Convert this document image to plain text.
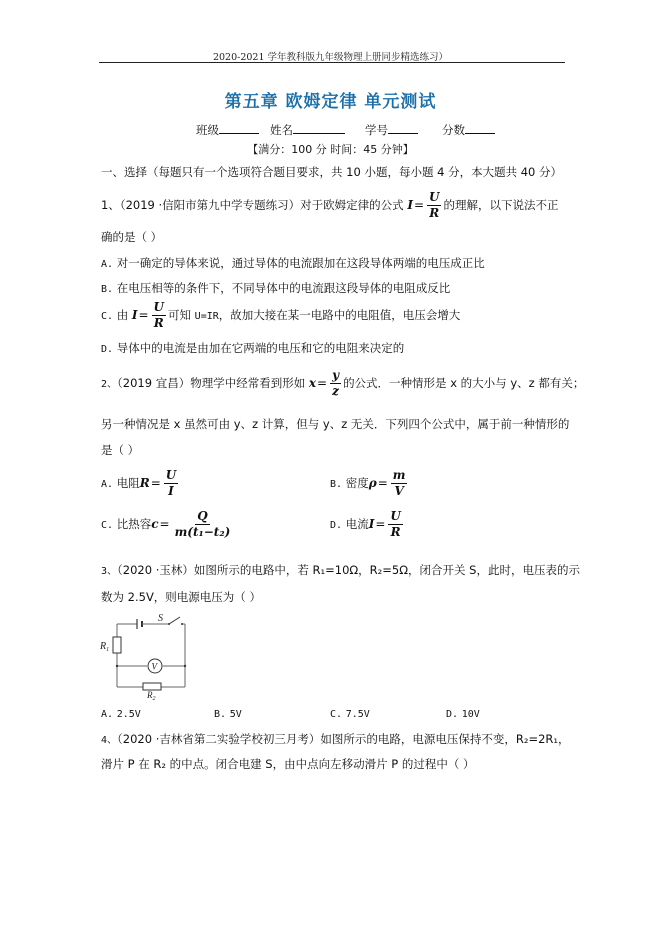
2020-2021 学年教科版九年级物理上册同步精选练习）
第五章 欧姆定律 单元测试
班级	姓名	学号	分数
【满分：100 分 时间：45 分钟】
一、选择（每题只有一个选项符合题目要求，共 10 小题，每小题 4 分，本大题共 40 分）
1、（2019 ·信阳市第九中学专题练习）对于欧姆定律的公式 $I= \frac{U}{R}$ 的理解，以下说法不正
确的是（ ）
A. 对一确定的导体来说，通过导体的电流跟加在这段导体两端的电压成正比
B. 在电压相等的条件下，不同导体中的电流跟这段导体的电阻成反比
C. 由 $I= \frac{U}{R}$ 可知 U=IR，故加大接在某一电路中的电阻值，电压会增大
D. 导体中的电流是由加在它两端的电压和它的电阻来决定的
2、（2019 宜昌）物理学中经常看到形如 $x= \frac{y}{z}$ 的公式．一种情形是 x 的大小与 y、z 都有关；
另一种情况是 x 虽然可由 y、z 计算，但与 y、z 无关．下列四个公式中，属于前一种情形的
是（ ）
A. 电阻$R= \frac{U}{I}$	B. 密度$\rho= \frac{m}{V}$
C. 比热容$c= \frac{Q}{\text{m(t₁−t₂)}}$	D. 电流$I= \frac{U}{R}$
3、（2020 ·玉林）如图所示的电路中，若 R₁=10Ω，R₂=5Ω，闭合开关 S，此时，电压表的示
数为 2.5V，则电源电压为（ ）
S
$R_1$
V
$R_2$
A. 2.5V	B. 5V	C. 7.5V	D. 10V
4、（2020 ·吉林省第二实验学校初三月考）如图所示的电路，电源电压保持不变，R₂=2R₁，
滑片 P 在 R₂ 的中点。闭合电建 S，由中点向左移动滑片 P 的过程中（ ）
